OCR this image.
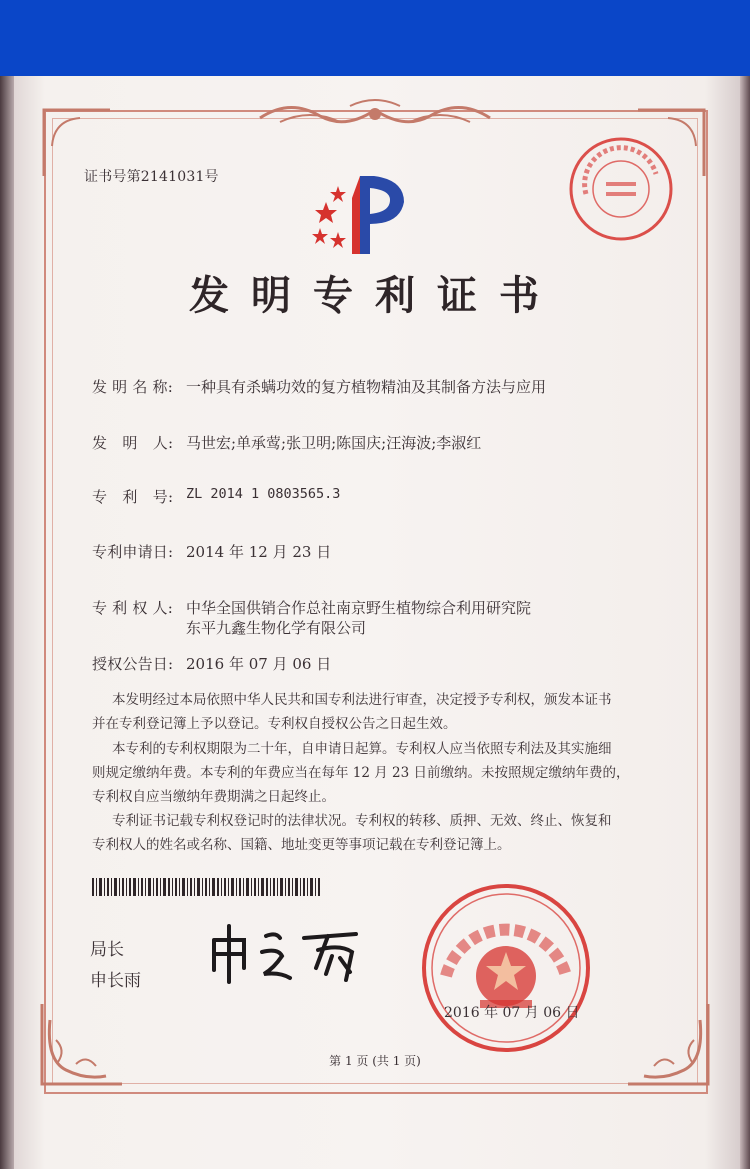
证书号第2141031号
发明专利证书
发 明 名 称: 一种具有杀螨功效的复方植物精油及其制备方法与应用
发　明　人: 马世宏;单承莺;张卫明;陈国庆;汪海波;李淑红
专　利　号: ZL 2014 1 0803565.3
专利申请日: 2014 年 12 月 23 日
专 利 权 人: 中华全国供销合作总社南京野生植物综合利用研究院
东平九鑫生物化学有限公司
授权公告日: 2016 年 07 月 06 日
本发明经过本局依照中华人民共和国专利法进行审查，决定授予专利权，颁发本证书
并在专利登记簿上予以登记。专利权自授权公告之日起生效。
本专利的专利权期限为二十年，自申请日起算。专利权人应当依照专利法及其实施细
则规定缴纳年费。本专利的年费应当在每年 12 月 23 日前缴纳。未按照规定缴纳年费的，
专利权自应当缴纳年费期满之日起终止。
专利证书记载专利权登记时的法律状况。专利权的转移、质押、无效、终止、恢复和
专利权人的姓名或名称、国籍、地址变更等事项记载在专利登记簿上。
局长
申长雨
2016 年 07 月 06 日
第 1 页 (共 1 页)
